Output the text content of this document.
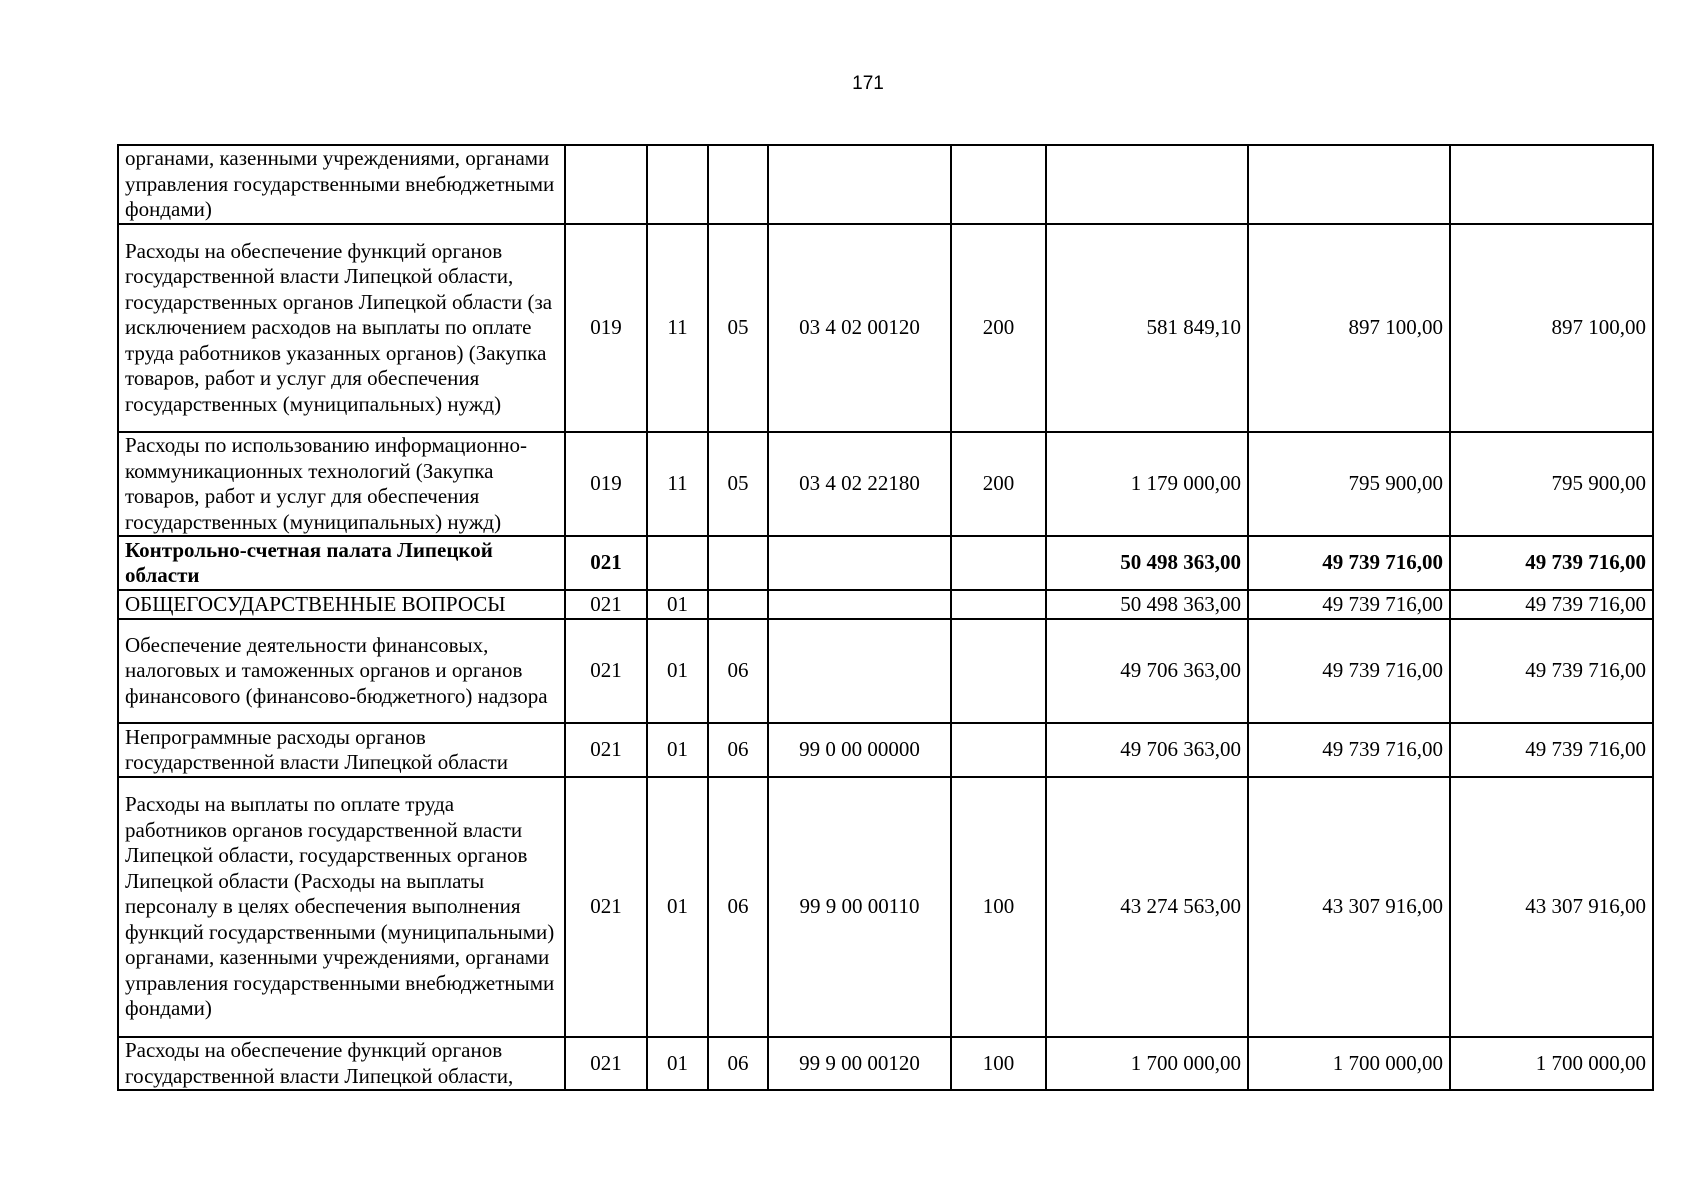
171
органами, казенными учреждениями, органами управления государственными внебюджетными фондами)								
Расходы на обеспечение функций органов государственной власти Липецкой области, государственных органов Липецкой области (за исключением расходов на выплаты по оплате труда работников указанных органов) (Закупка товаров, работ и услуг для обеспечения государственных (муниципальных) нужд)	019	11	05	03 4 02 00120	200	581 849,10	897 100,00	897 100,00
Расходы по использованию информационно-коммуникационных технологий (Закупка товаров, работ и услуг для обеспечения государственных (муниципальных) нужд)	019	11	05	03 4 02 22180	200	1 179 000,00	795 900,00	795 900,00
Контрольно-счетная палата Липецкой области	021					50 498 363,00	49 739 716,00	49 739 716,00
ОБЩЕГОСУДАРСТВЕННЫЕ ВОПРОСЫ	021	01				50 498 363,00	49 739 716,00	49 739 716,00
Обеспечение деятельности финансовых, налоговых и таможенных органов и органов финансового (финансово-бюджетного) надзора	021	01	06			49 706 363,00	49 739 716,00	49 739 716,00
Непрограммные расходы органов государственной власти Липецкой области	021	01	06	99 0 00 00000		49 706 363,00	49 739 716,00	49 739 716,00
Расходы на выплаты по оплате труда работников органов государственной власти Липецкой области, государственных органов Липецкой области (Расходы на выплаты персоналу в целях обеспечения выполнения функций государственными (муниципальными) органами, казенными учреждениями, органами управления государственными внебюджетными фондами)	021	01	06	99 9 00 00110	100	43 274 563,00	43 307 916,00	43 307 916,00
Расходы на обеспечение функций органов государственной власти Липецкой области,	021	01	06	99 9 00 00120	100	1 700 000,00	1 700 000,00	1 700 000,00
